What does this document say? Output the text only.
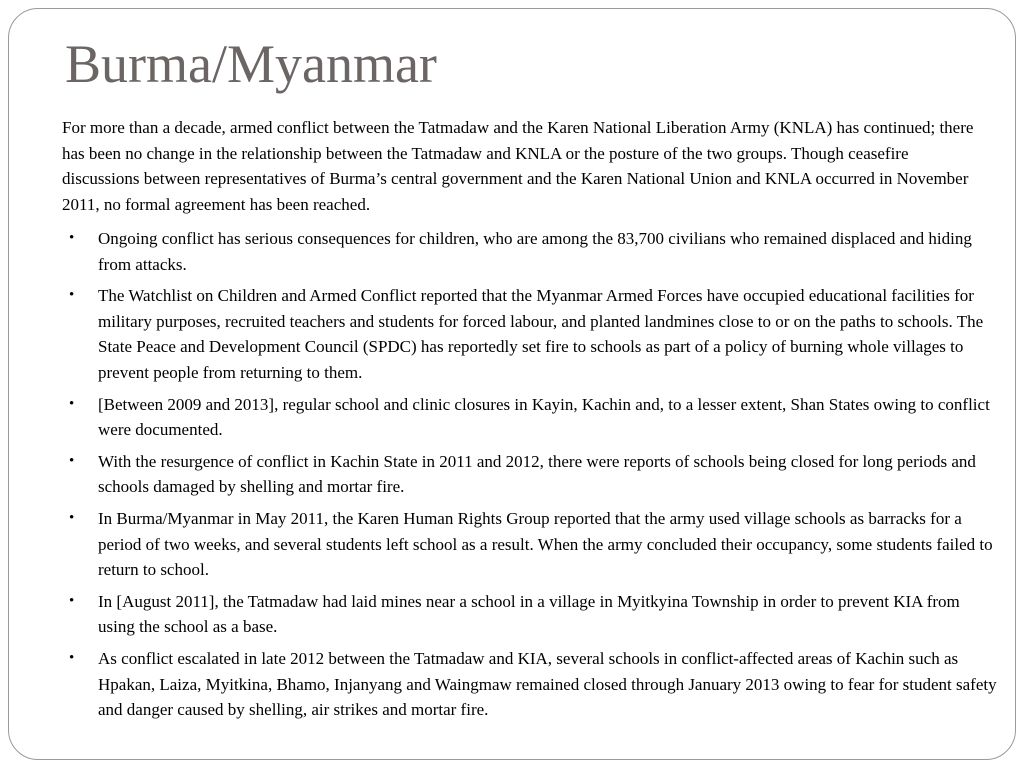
Burma/Myanmar

For more than a decade, armed conflict between the Tatmadaw and the Karen National Liberation Army (KNLA) has continued; there has been no change in the relationship between the Tatmadaw and KNLA or the posture of the two groups. Though ceasefire discussions between representatives of Burma’s central government and the Karen National Union and KNLA occurred in November 2011, no formal agreement has been reached.

•	Ongoing conflict has serious consequences for children, who are among the 83,700 civilians who remained displaced and hiding from attacks.
•	The Watchlist on Children and Armed Conflict reported that the Myanmar Armed Forces have occupied educational facilities for military purposes, recruited teachers and students for forced labour, and planted landmines close to or on the paths to schools. The State Peace and Development Council (SPDC) has reportedly set fire to schools as part of a policy of burning whole villages to prevent people from returning to them.
•	[Between 2009 and 2013], regular school and clinic closures in Kayin, Kachin and, to a lesser extent, Shan States owing to conflict were documented.
•	With the resurgence of conflict in Kachin State in 2011 and 2012, there were reports of schools being closed for long periods and schools damaged by shelling and mortar fire.
•	In Burma/Myanmar in May 2011, the Karen Human Rights Group reported that the army used village schools as barracks for a period of two weeks, and several students left school as a result. When the army concluded their occupancy, some students failed to return to school.
•	In [August 2011], the Tatmadaw had laid mines near a school in a village in Myitkyina Township in order to prevent KIA from using the school as a base.
•	As conflict escalated in late 2012 between the Tatmadaw and KIA, several schools in conflict-affected areas of Kachin such as Hpakan, Laiza, Myitkina, Bhamo, Injanyang and Waingmaw remained closed through January 2013 owing to fear for student safety and danger caused by shelling, air strikes and mortar fire.
